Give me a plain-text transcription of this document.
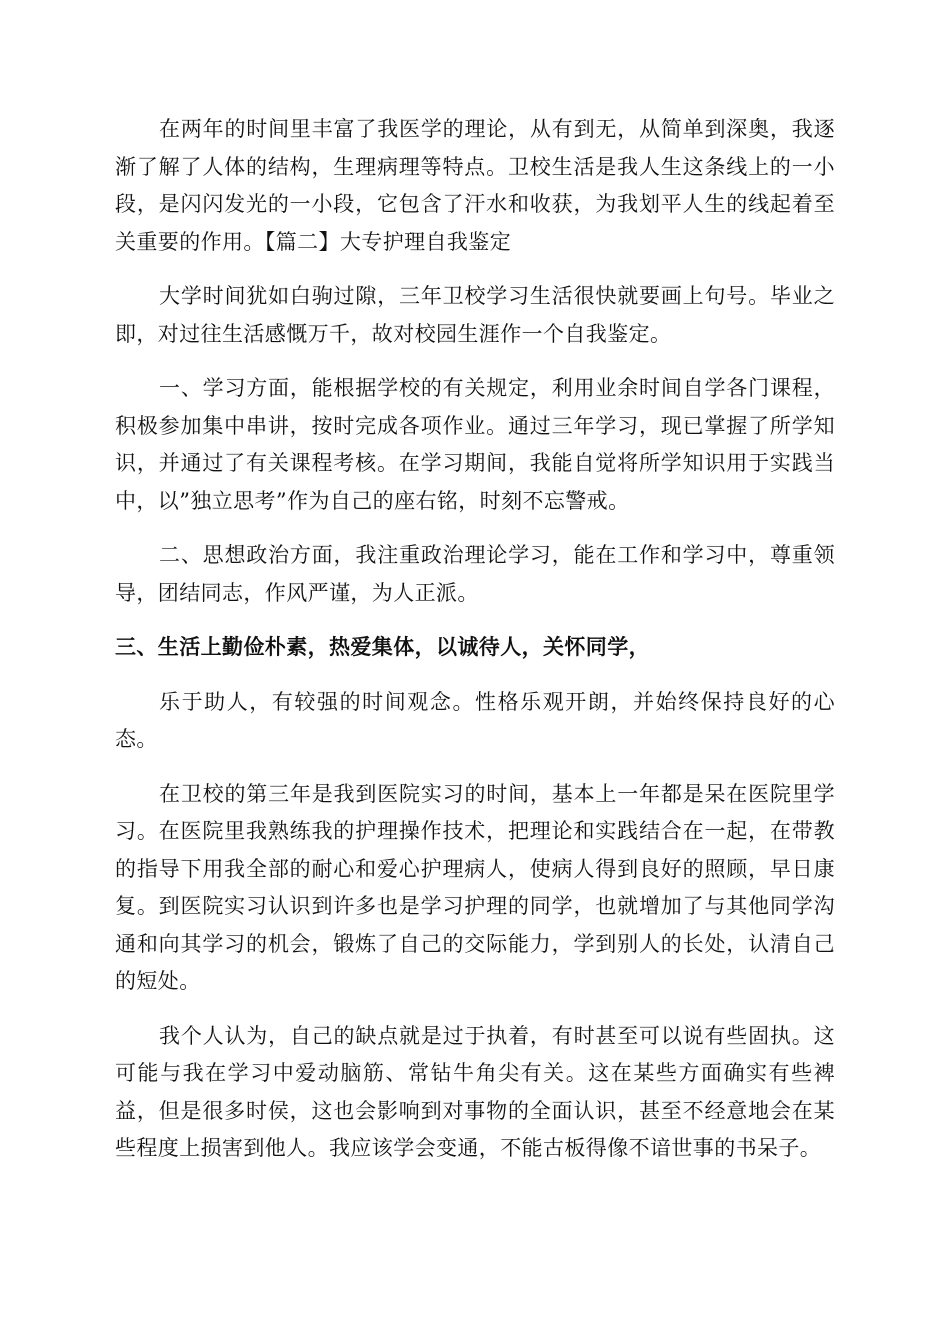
在两年的时间里丰富了我医学的理论，从有到无，从简单到深奥，我逐渐了解了人体的结构，生理病理等特点。卫校生活是我人生这条线上的一小段，是闪闪发光的一小段，它包含了汗水和收获，为我划平人生的线起着至关重要的作用。【篇二】大专护理自我鉴定

大学时间犹如白驹过隙，三年卫校学习生活很快就要画上句号。毕业之即，对过往生活感慨万千，故对校园生涯作一个自我鉴定。

一、学习方面，能根据学校的有关规定，利用业余时间自学各门课程，积极参加集中串讲，按时完成各项作业。通过三年学习，现已掌握了所学知识，并通过了有关课程考核。在学习期间，我能自觉将所学知识用于实践当中，以”独立思考”作为自己的座右铭，时刻不忘警戒。

二、思想政治方面，我注重政治理论学习，能在工作和学习中，尊重领导，团结同志，作风严谨，为人正派。

三、生活上勤俭朴素，热爱集体，以诚待人，关怀同学，

乐于助人，有较强的时间观念。性格乐观开朗，并始终保持良好的心态。

在卫校的第三年是我到医院实习的时间，基本上一年都是呆在医院里学习。在医院里我熟练我的护理操作技术，把理论和实践结合在一起，在带教的指导下用我全部的耐心和爱心护理病人，使病人得到良好的照顾，早日康复。到医院实习认识到许多也是学习护理的同学，也就增加了与其他同学沟通和向其学习的机会，锻炼了自己的交际能力，学到别人的长处，认清自己的短处。

我个人认为，自己的缺点就是过于执着，有时甚至可以说有些固执。这可能与我在学习中爱动脑筋、常钻牛角尖有关。这在某些方面确实有些裨益，但是很多时侯，这也会影响到对事物的全面认识，甚至不经意地会在某些程度上损害到他人。我应该学会变通，不能古板得像不谙世事的书呆子。
